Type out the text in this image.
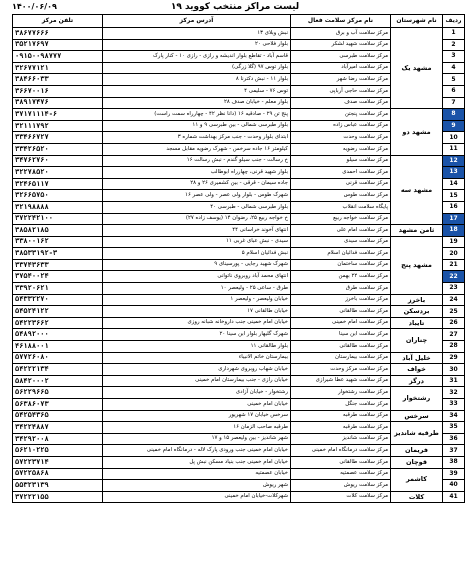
۱۴۰۰/۰۶/۰۹	لیست مراکز منتخب کووید ۱۹
ردیف	نام شهرستان	نام مرکز سلامت فعال	آدرس مرکز	تلفن مرکز
1	مشهد یک	مرکز سلامت آب و برق	نبش وبلای ۱۳	۳۸۶۷۷۶۶۶
2		مرکز سلامت شهید لشکر	بلوار فلاحی ۲۰	۳۵۲۱۷۶۹۷
3		مرکز سلامت طبرسی	قاسم آباد - تقاطع بلوار اندیشه و رازی - رازی ۱۰ - کنار پارک	۰۹۱۵۰۰۹۸۷۷۷
4		مرکز سلامت امیرآباد	بلوار توس ۹۷ (گلا زرگی)	۳۲۶۷۷۱۲۱
5		مرکز سلامت رضا شهر	بلوار ۱۱ - نبش دکترنا ۸	۳۸۴۶۶۰۳۳
6		مرکز سلامت حاجی آرباپی	توس ۷۶ - سلیمی ۴	۳۶۶۷۰۰۱۶
7		مرکز سلامت صدف	بلوار معلم - خیابان صدف ۲۸	۳۸۹۱۷۴۷۶
8	مشهد دو	مرکز سلامت پنجتن	پنج تن ۲۹ - صادقیه ۱۶ (دانا نظر ۴۲ - چهارراه سمت راست)	۳۷۱۷۱۱۱۴-۶
9		مرکز سلامت عباس زاده	بلوار طبرسی شمالی - بین طبرسی ۹ و ۱۱	۳۲۱۱۱۷۹۲
10		مرکز سلامت وحدت	ابتدای بلوار وحدت - جنب مرکز بهداشت شماره ۳	۳۳۴۶۶۷۲۷
11		مرکز سلامت رضویه	کیلومتر ۱۶ جاده سرخس - شهرک رضویه مقابل مسجد	۳۳۴۲۶۵۲۰
12	مشهد سه	مرکز سلامت سیلو	خ رسالت - جنب سیلو گندم - نبش رسالت ۱۶	۳۴۷۶۲۷۶۰
13		مرکز سلامت احمدی	بلوار شهید قرنی، چهارراه ابوطالب	۳۲۲۷۸۵۲۰
14		مرکز سلامت قرنی	جاده سیمان - قرقی - بین کشمیری ۲۶ و ۲۸	۳۲۴۶۵۱۱۷
15		مرکز سلامت طوس	شهرک طوس - بلوار ولی عصر - ولی عصر ۱۶	۳۲۶۶۵۷۵۰
16		پایگاه سلامت انقلاب	بلوار طبرسی شمالی - طبرسی ۴۰	۳۲۱۹۸۸۸۸
17		مرکز سلامت خواجه ربیع	خ خواجه ربیع ۲۵، رضوان ۱۴ (یوسف زاده ۲۷)	۳۷۲۲۴۲۱۰۰
18	ثامن مشهد	مرکز سلامت امام علی	انتهای آخوند خراسانی ۴۴	۳۸۵۸۲۱۸۵
19	مشهد پنج	مرکز سلامت سیدی	سیدی - نبش عبای غربی ۱۱	۳۳۸۰۰۱۶۲
20		مرکز سلامت فدائیان اسلام	نبش فدائیان اسلام ۵	۳۸۵۳۳۱۹۲-۳
21		مرکز سلامت ساختمان	شهرک شهید رجایی - پورسینای ۹	۳۳۷۴۳۶۳۳
22		مرکز سلامت ۲۲ بهمن	انتهای محمد آباد روبروی ناتوانی	۳۷۵۴۰۰۲۴
23		مرکز سلامت طرق	طرق - ساعی ۲۵ - ولیعصر ۱۰	۳۳۹۲۰۶۲۱
24	باخرز	مرکز سلامت باخرز	خیابان ولیعصر - ولیعصر ۱	۵۴۳۳۲۲۷۰
25	بردسکن	مرکز سلامت طالقانی	خیابان طالقانی ۱۷	۵۴۵۲۴۱۲۲
26	تایباد	مرکز سلامت امام خمینی	خیابان امام خمینی جنب داروخانه شبانه روزی	۵۴۲۲۳۶۶۲
27	چناران	مرکز سلامت ابن سینا	شهرک گلیهار بلوار ابن سینا ۲۰	۵۴۸۹۲۰۰۰
28		مرکز سلامت طالقانی	بلوار طالقانی ۱۱	۴۶۱۸۸۰۰۱
29	خلیل آباد	مرکز سلامت بیمارستان	بیمارستان خاتم الانبیاء	۵۷۷۲۶۰۸۰
30	خواف	مرکز سلامت مرکز وحدت	خیابان شهاب روبروی شهرداری	۵۴۲۲۲۱۳۴
31	درگز	مرکز سلامت شهید عطا شیرازی	خیابان رازی - جنب بیمارستان امام خمینی	۵۸۴۲۰۰۰۲
32	رشتخوار	مرکز سلامت رشتخوار	رشتخوار - خیابان آزادی	۵۶۲۲۹۶۶۵
33		مرکز سلامت جنگل	خیابان امام خمینی	۵۶۳۸۶۰۷۳
34	سرخس	مرکز سلامت طرقبه	سرخس خیابان ۱۷ شهریور	۵۴۲۵۴۳۶۵
35	طرقبه شاندیز	مرکز سلامت طرقبه	طرقبه صاحب الزمان ۱۶	۳۴۲۲۴۸۸۷
36		مرکز سلامت شاندیز	شهر شاندیز - بین ولیعصر ۱۵ و ۱۷	۳۴۲۹۲۰۰۸
37	فریمان	مرکز سلامت درمانگاه امام خمینی	خیابان امام خمینی جنب ورودی پارک لاله - درمانگاه امام خمینی	۵۶۲۱۰۲۲۵
38	قوچان	مرکز سلامت طالقانی	خیابان امام خمینی جنب بنیاد مسکن نبش پل	۵۷۲۲۳۷۱۴
39	کاشمر	مرکز سلامت عصمتیه	خیابان عصمتیه	۵۷۲۲۵۸۶۸
40		مرکز سلامت ریوش	شهر ریوش	۵۵۳۲۳۱۳۹
41	کلات	مرکز سلامت کلات	شهرکلات-خیابان امام خمینی	۳۷۲۲۲۱۵۵
